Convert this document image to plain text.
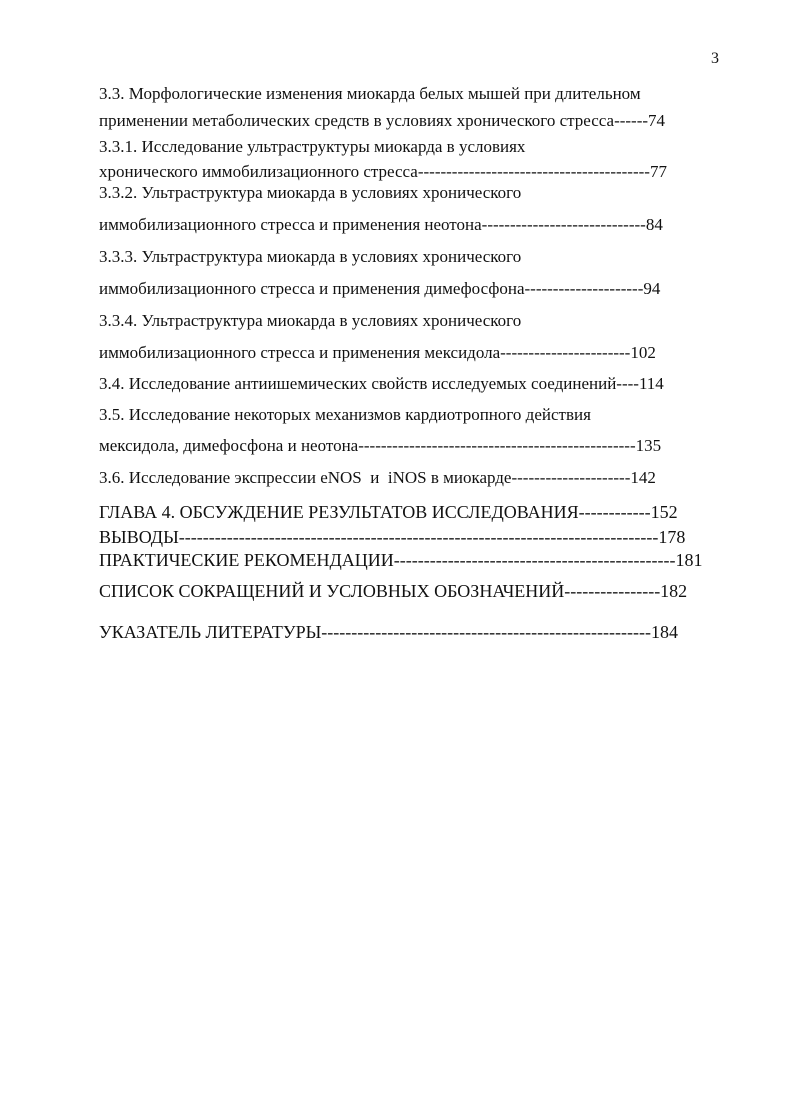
3
3.3. Морфологические изменения миокарда белых мышей при длительном
применении метаболических средств в условиях хронического стресса------74
3.3.1. Исследование ультраструктуры миокарда в условиях
хронического иммобилизационного стресса-----------------------------------------77
3.3.2. Ультраструктура миокарда в условиях хронического
иммобилизационного стресса и применения неотона-----------------------------84
3.3.3. Ультраструктура миокарда в условиях хронического
иммобилизационного стресса и применения димефосфона---------------------94
3.3.4. Ультраструктура миокарда в условиях хронического
иммобилизационного стресса и применения мексидола-----------------------102
3.4. Исследование антиишемических свойств исследуемых соединений----114
3.5. Исследование некоторых механизмов кардиотропного действия
мексидола, димефосфона и неотона-------------------------------------------------135
3.6. Исследование экспрессии eNOS  и  iNOS в миокарде---------------------142
ГЛАВА 4. ОБСУЖДЕНИЕ РЕЗУЛЬТАТОВ ИССЛЕДОВАНИЯ------------152
ВЫВОДЫ--------------------------------------------------------------------------------178
ПРАКТИЧЕСКИЕ РЕКОМЕНДАЦИИ-----------------------------------------------181
СПИСОК СОКРАЩЕНИЙ И УСЛОВНЫХ ОБОЗНАЧЕНИЙ----------------182
УКАЗАТЕЛЬ ЛИТЕРАТУРЫ-------------------------------------------------------184
